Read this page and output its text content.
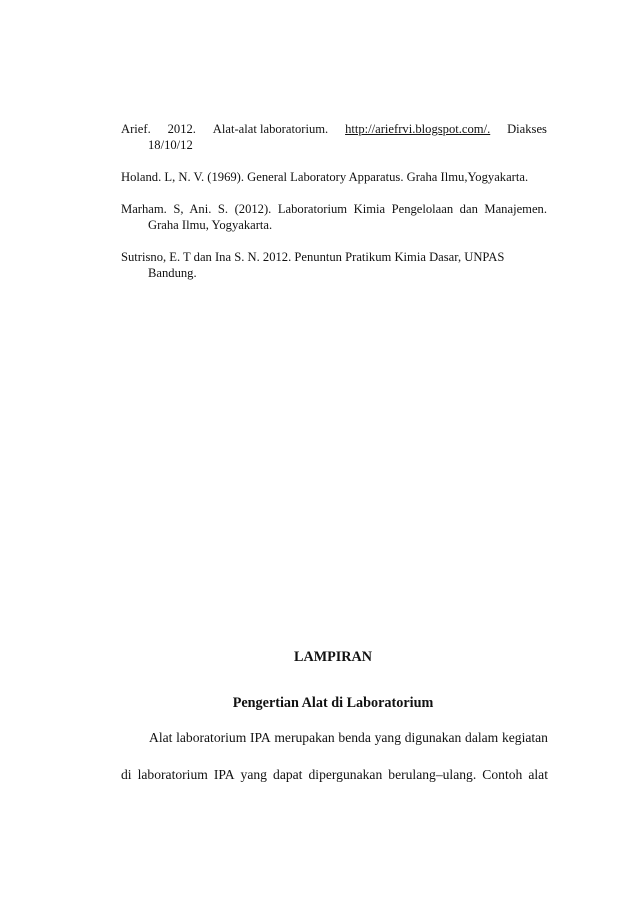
Arief. 2012. Alat-alat laboratorium. http://ariefrvi.blogspot.com/. Diakses
18/10/12
Holand. L, N. V. (1969). General Laboratory Apparatus. Graha Ilmu,Yogyakarta.
Marham. S, Ani. S. (2012). Laboratorium Kimia Pengelolaan dan Manajemen.
Graha Ilmu, Yogyakarta.
Sutrisno, E. T dan Ina S. N. 2012. Penuntun Pratikum Kimia Dasar, UNPAS
Bandung.
LAMPIRAN
Pengertian Alat di Laboratorium
Alat laboratorium IPA merupakan benda yang digunakan dalam kegiatan
di laboratorium IPA yang dapat dipergunakan berulang–ulang. Contoh alat
